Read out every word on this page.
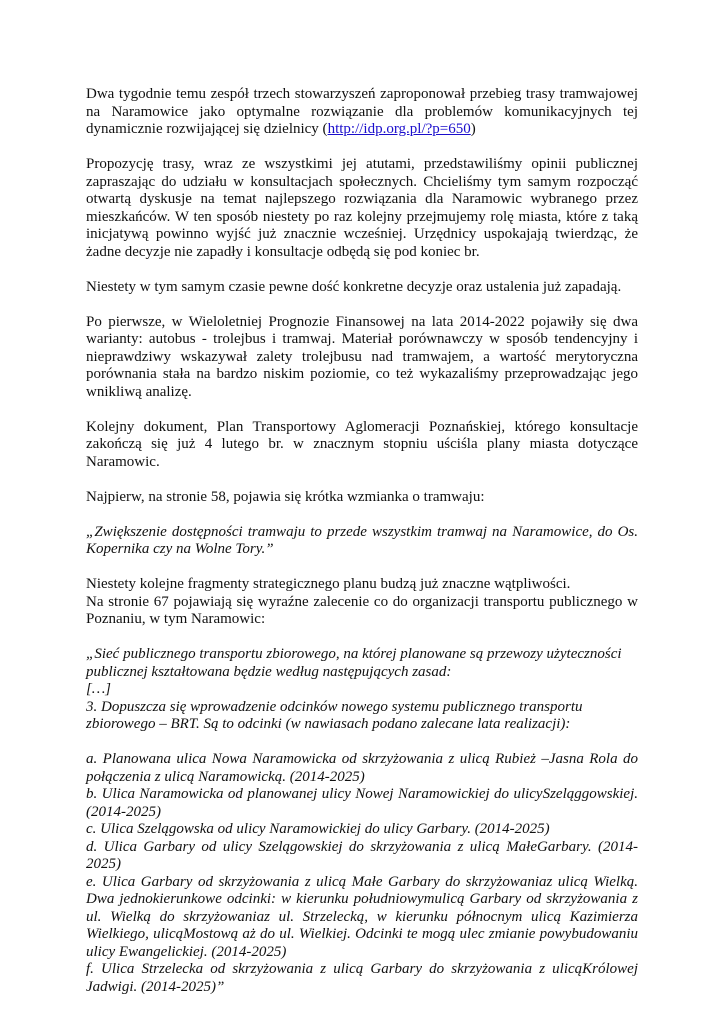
Dwa tygodnie temu zespół trzech stowarzyszeń zaproponował przebieg trasy tramwajowej na Naramowice jako optymalne rozwiązanie dla problemów komunikacyjnych tej dynamicznie rozwijającej się dzielnicy (http://idp.org.pl/?p=650)

Propozycję trasy, wraz ze wszystkimi jej atutami, przedstawiliśmy opinii publicznej zapraszając do udziału w konsultacjach społecznych. Chcieliśmy tym samym rozpocząć otwartą dyskusje na temat najlepszego rozwiązania dla Naramowic wybranego przez mieszkańców. W ten sposób niestety po raz kolejny przejmujemy rolę miasta, które z taką inicjatywą powinno wyjść już znacznie wcześniej. Urzędnicy uspokajają twierdząc, że żadne decyzje nie zapadły i konsultacje odbędą się pod koniec br.

Niestety w tym samym czasie pewne dość konkretne decyzje oraz ustalenia już zapadają.

Po pierwsze, w Wieloletniej Prognozie Finansowej na lata 2014-2022 pojawiły się dwa warianty: autobus - trolejbus i tramwaj. Materiał porównawczy w sposób tendencyjny i nieprawdziwy wskazywał zalety trolejbusu nad tramwajem, a wartość merytoryczna porównania stała na bardzo niskim poziomie, co też wykazaliśmy przeprowadzając jego wnikliwą analizę.

Kolejny dokument, Plan Transportowy Aglomeracji Poznańskiej, którego konsultacje zakończą się już 4 lutego br. w znacznym stopniu uściśla plany miasta dotyczące Naramowic.

Najpierw, na stronie 58, pojawia się krótka wzmianka o tramwaju:

„Zwiększenie dostępności tramwaju to przede wszystkim tramwaj na Naramowice, do Os. Kopernika czy na Wolne Tory.”

Niestety kolejne fragmenty strategicznego planu budzą już znaczne wątpliwości.
Na stronie 67 pojawiają się wyraźne zalecenie co do organizacji transportu publicznego w Poznaniu, w tym Naramowic:

„Sieć publicznego transportu zbiorowego, na której planowane są przewozy użyteczności
publicznej kształtowana będzie według następujących zasad:
[…]
3. Dopuszcza się wprowadzenie odcinków nowego systemu publicznego transportu
zbiorowego – BRT. Są to odcinki (w nawiasach podano zalecane lata realizacji):

a. Planowana ulica Nowa Naramowicka od skrzyżowania z ulicą Rubież –Jasna Rola do połączenia z ulicą Naramowicką. (2014-2025)
b. Ulica Naramowicka od planowanej ulicy Nowej Naramowickiej do ulicySzeląggowskiej. (2014-2025)
c. Ulica Szelągowska od ulicy Naramowickiej do ulicy Garbary. (2014-2025)
d. Ulica Garbary od ulicy Szelągowskiej do skrzyżowania z ulicą MałeGarbary. (2014-2025)
e. Ulica Garbary od skrzyżowania z ulicą Małe Garbary do skrzyżowaniaz ulicą Wielką. Dwa jednokierunkowe odcinki: w kierunku południowymulicą Garbary od skrzyżowania z ul. Wielką do skrzyżowaniaz ul. Strzelecką, w kierunku północnym ulicą Kazimierza Wielkiego, ulicąMostową aż do ul. Wielkiej. Odcinki te mogą ulec zmianie powybudowaniu ulicy Ewangelickiej. (2014-2025)
f. Ulica Strzelecka od skrzyżowania z ulicą Garbary do skrzyżowania z ulicąKrólowej Jadwigi. (2014-2025)”
